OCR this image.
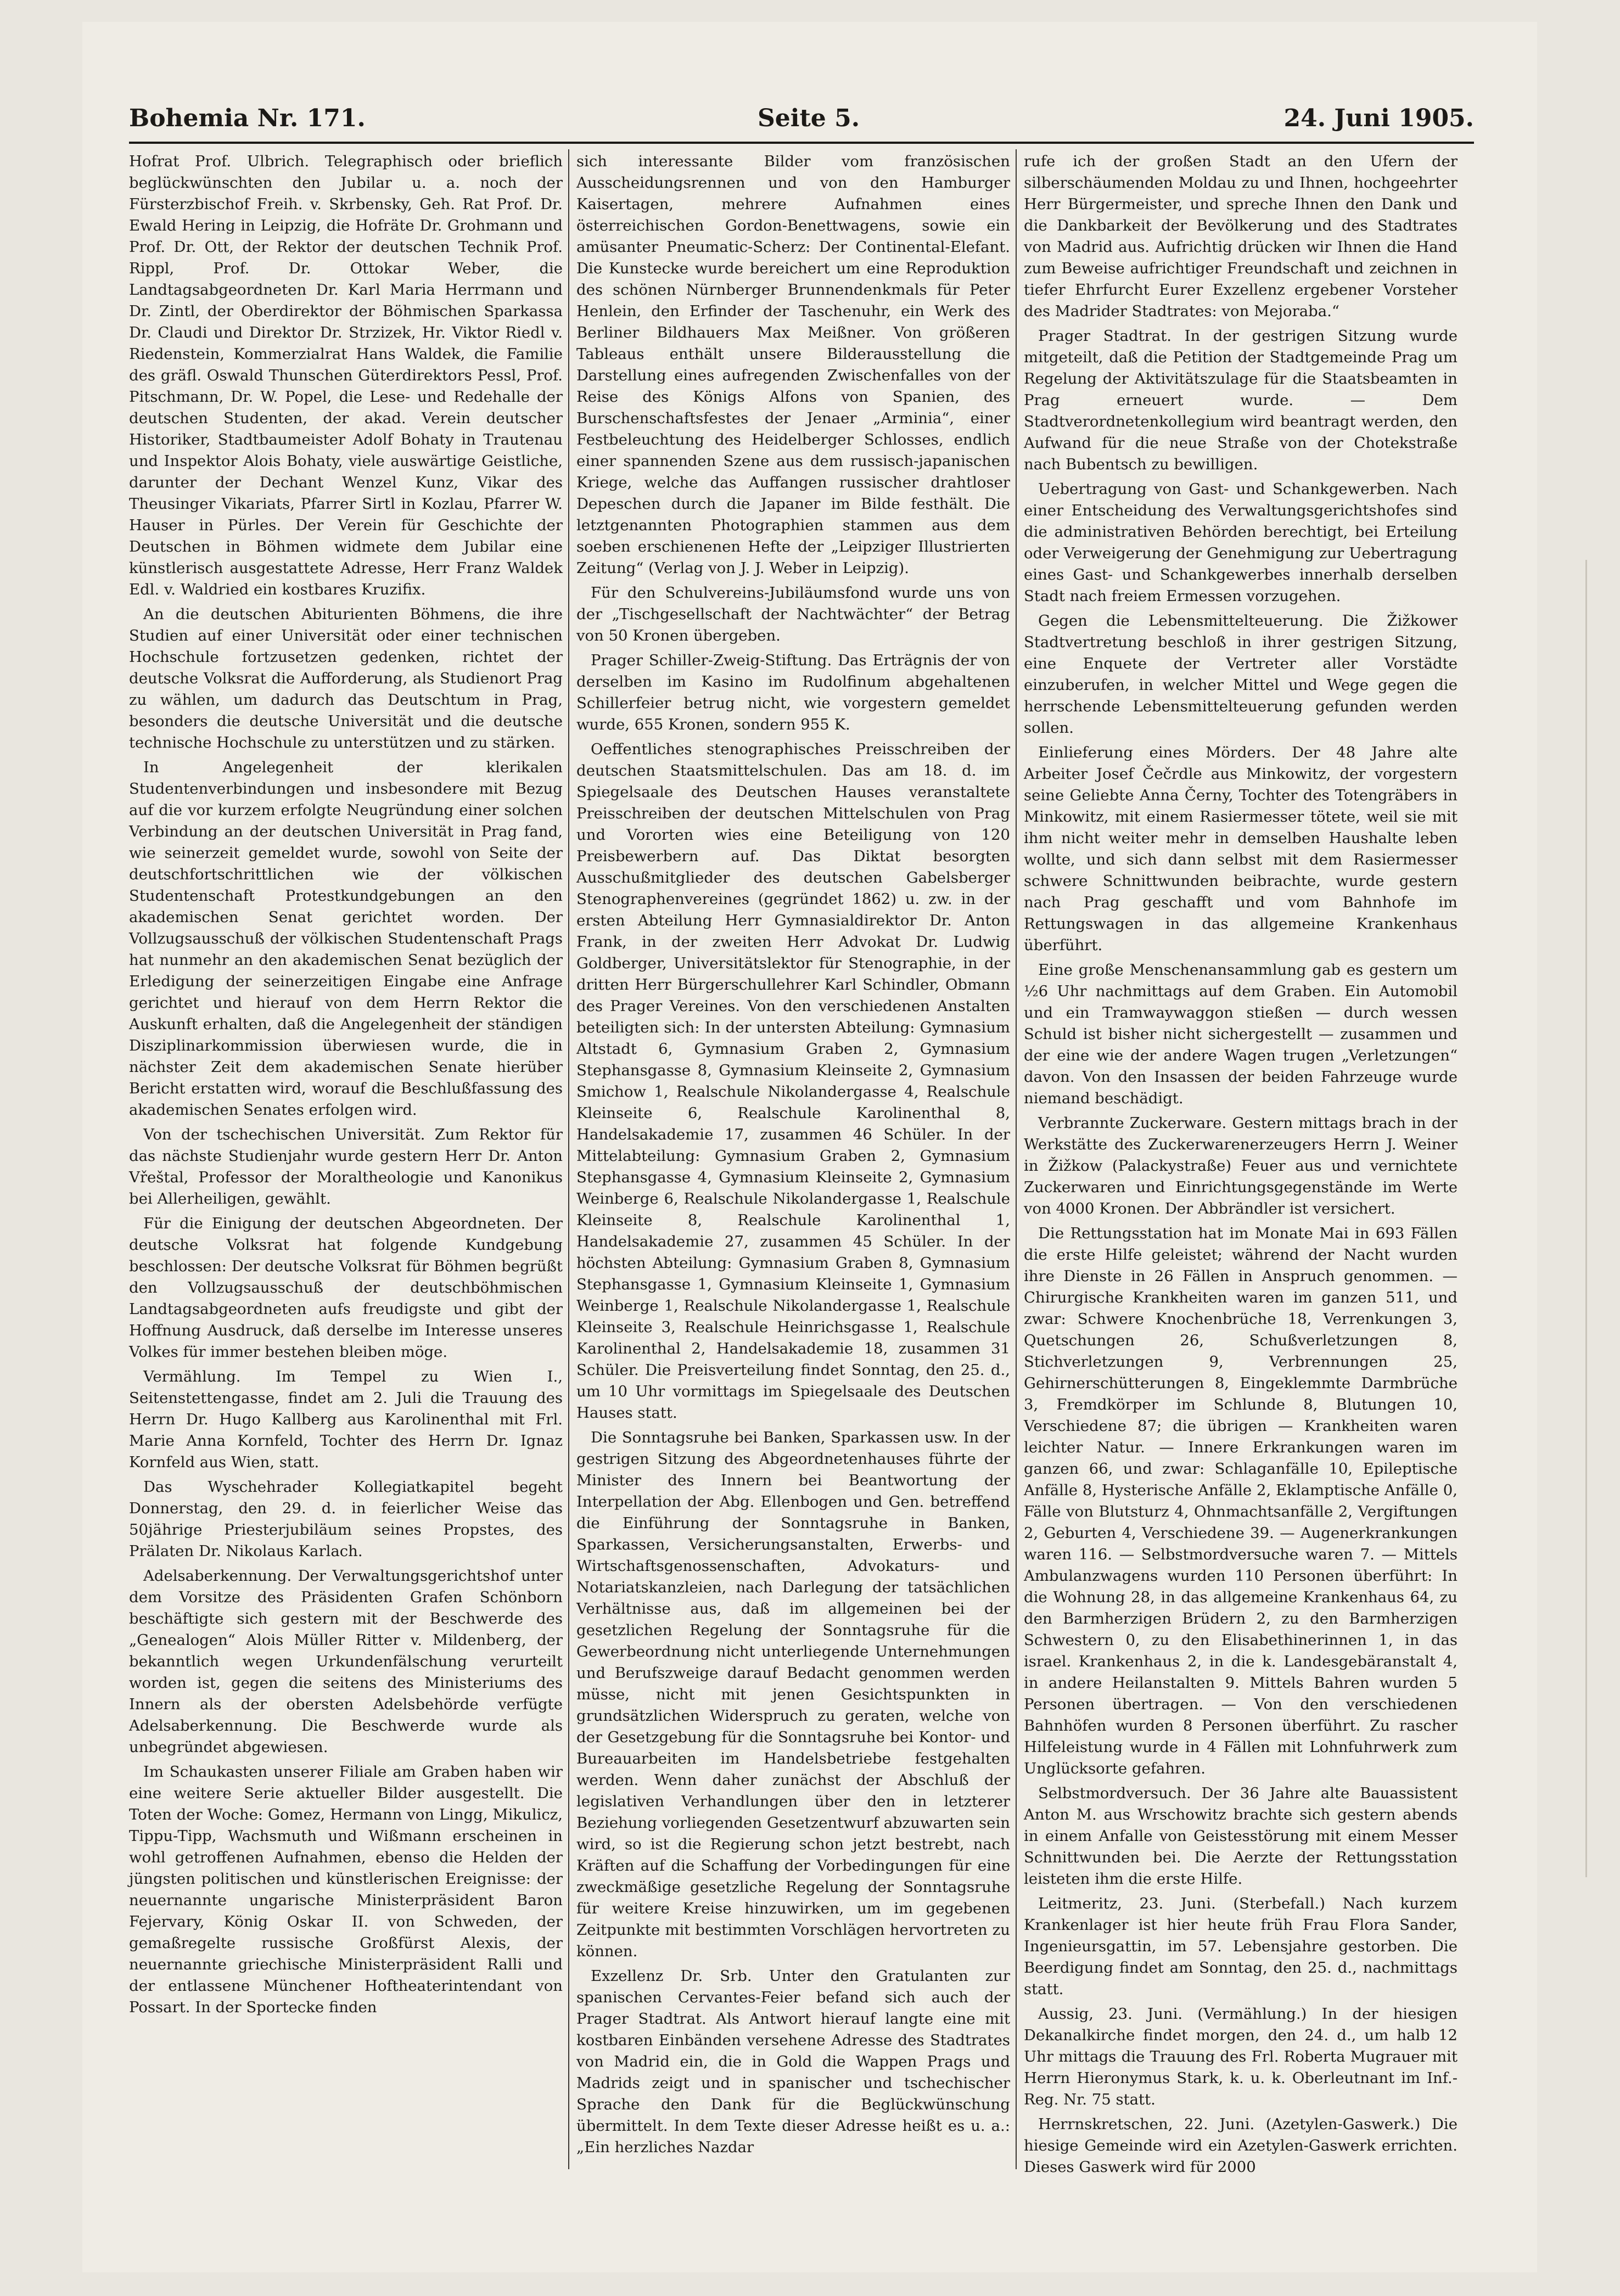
Bohemia Nr. 171.	Seite 5.	24. Juni 1905.

Hofrat Prof. Ulbrich. Telegraphisch oder brieflich beglückwünschten den Jubilar u. a. noch der Fürsterzbischof Freih. v. Skrbensky, Geh. Rat Prof. Dr. Ewald Hering in Leipzig, die Hofräte Dr. Grohmann und Prof. Dr. Ott, der Rektor der deutschen Technik Prof. Rippl, Prof. Dr. Ottokar Weber, die Landtagsabgeordneten Dr. Karl Maria Herrmann und Dr. Zintl, der Oberdirektor der Böhmischen Sparkassa Dr. Claudi und Direktor Dr. Strzizek, Hr. Viktor Riedl v. Riedenstein, Kommerzialrat Hans Waldek, die Familie des gräfl. Oswald Thunschen Güterdirektors Pessl, Prof. Pitschmann, Dr. W. Popel, die Lese- und Redehalle der deutschen Studenten, der akad. Verein deutscher Historiker, Stadtbaumeister Adolf Bohaty in Trautenau und Inspektor Alois Bohaty, viele auswärtige Geistliche, darunter der Dechant Wenzel Kunz, Vikar des Theusinger Vikariats, Pfarrer Sirtl in Kozlau, Pfarrer W. Hauser in Pürles. Der Verein für Geschichte der Deutschen in Böhmen widmete dem Jubilar eine künstlerisch ausgestattete Adresse, Herr Franz Waldek Edl. v. Waldried ein kostbares Kruzifix.

An die deutschen Abiturienten Böhmens, die ihre Studien auf einer Universität oder einer technischen Hochschule fortzusetzen gedenken, richtet der deutsche Volksrat die Aufforderung, als Studienort Prag zu wählen, um dadurch das Deutschtum in Prag, besonders die deutsche Universität und die deutsche technische Hochschule zu unterstützen und zu stärken.

In Angelegenheit der klerikalen Studentenverbindungen und insbesondere mit Bezug auf die vor kurzem erfolgte Neugründung einer solchen Verbindung an der deutschen Universität in Prag fand, wie seinerzeit gemeldet wurde, sowohl von Seite der deutschfortschrittlichen wie der völkischen Studentenschaft Protestkundgebungen an den akademischen Senat gerichtet worden. Der Vollzugsausschuß der völkischen Studentenschaft Prags hat nunmehr an den akademischen Senat bezüglich der Erledigung der seinerzeitigen Eingabe eine Anfrage gerichtet und hierauf von dem Herrn Rektor die Auskunft erhalten, daß die Angelegenheit der ständigen Disziplinarkommission überwiesen wurde, die in nächster Zeit dem akademischen Senate hierüber Bericht erstatten wird, worauf die Beschlußfassung des akademischen Senates erfolgen wird.

Von der tschechischen Universität. Zum Rektor für das nächste Studienjahr wurde gestern Herr Dr. Anton Vřeštal, Professor der Moraltheologie und Kanonikus bei Allerheiligen, gewählt.

Für die Einigung der deutschen Abgeordneten. Der deutsche Volksrat hat folgende Kundgebung beschlossen: Der deutsche Volksrat für Böhmen begrüßt den Vollzugsausschuß der deutschböhmischen Landtagsabgeordneten aufs freudigste und gibt der Hoffnung Ausdruck, daß derselbe im Interesse unseres Volkes für immer bestehen bleiben möge.

Vermählung. Im Tempel zu Wien I., Seitenstettengasse, findet am 2. Juli die Trauung des Herrn Dr. Hugo Kallberg aus Karolinenthal mit Frl. Marie Anna Kornfeld, Tochter des Herrn Dr. Ignaz Kornfeld aus Wien, statt.

Das Wyschehrader Kollegiatkapitel begeht Donnerstag, den 29. d. in feierlicher Weise das 50jährige Priesterjubiläum seines Propstes, des Prälaten Dr. Nikolaus Karlach.

Adelsaberkennung. Der Verwaltungsgerichtshof unter dem Vorsitze des Präsidenten Grafen Schönborn beschäftigte sich gestern mit der Beschwerde des „Genealogen“ Alois Müller Ritter v. Mildenberg, der bekanntlich wegen Urkundenfälschung verurteilt worden ist, gegen die seitens des Ministeriums des Innern als der obersten Adelsbehörde verfügte Adelsaberkennung. Die Beschwerde wurde als unbegründet abgewiesen.

Im Schaukasten unserer Filiale am Graben haben wir eine weitere Serie aktueller Bilder ausgestellt. Die Toten der Woche: Gomez, Hermann von Lingg, Mikulicz, Tippu-Tipp, Wachsmuth und Wißmann erscheinen in wohl getroffenen Aufnahmen, ebenso die Helden der jüngsten politischen und künstlerischen Ereignisse: der neuernannte ungarische Ministerpräsident Baron Fejervary, König Oskar II. von Schweden, der gemaßregelte russische Großfürst Alexis, der neuernannte griechische Ministerpräsident Ralli und der entlassene Münchener Hoftheaterintendant von Possart. In der Sportecke finden

sich interessante Bilder vom französischen Ausscheidungsrennen und von den Hamburger Kaisertagen, mehrere Aufnahmen eines österreichischen Gordon-Benettwagens, sowie ein amüsanter Pneumatic-Scherz: Der Continental-Elefant. Die Kunstecke wurde bereichert um eine Reproduktion des schönen Nürnberger Brunnendenkmals für Peter Henlein, den Erfinder der Taschenuhr, ein Werk des Berliner Bildhauers Max Meißner. Von größeren Tableaus enthält unsere Bilderausstellung die Darstellung eines aufregenden Zwischenfalles von der Reise des Königs Alfons von Spanien, des Burschenschaftsfestes der Jenaer „Arminia“, einer Festbeleuchtung des Heidelberger Schlosses, endlich einer spannenden Szene aus dem russisch-japanischen Kriege, welche das Auffangen russischer drahtloser Depeschen durch die Japaner im Bilde festhält. Die letztgenannten Photographien stammen aus dem soeben erschienenen Hefte der „Leipziger Illustrierten Zeitung“ (Verlag von J. J. Weber in Leipzig).

Für den Schulvereins-Jubiläumsfond wurde uns von der „Tischgesellschaft der Nachtwächter“ der Betrag von 50 Kronen übergeben.

Prager Schiller-Zweig-Stiftung. Das Erträgnis der von derselben im Kasino im Rudolfinum abgehaltenen Schillerfeier betrug nicht, wie vorgestern gemeldet wurde, 655 Kronen, sondern 955 K.

Oeffentliches stenographisches Preisschreiben der deutschen Staatsmittelschulen. Das am 18. d. im Spiegelsaale des Deutschen Hauses veranstaltete Preisschreiben der deutschen Mittelschulen von Prag und Vororten wies eine Beteiligung von 120 Preisbewerbern auf. Das Diktat besorgten Ausschußmitglieder des deutschen Gabelsberger Stenographenvereines (gegründet 1862) u. zw. in der ersten Abteilung Herr Gymnasialdirektor Dr. Anton Frank, in der zweiten Herr Advokat Dr. Ludwig Goldberger, Universitätslektor für Stenographie, in der dritten Herr Bürgerschullehrer Karl Schindler, Obmann des Prager Vereines. Von den verschiedenen Anstalten beteiligten sich: In der untersten Abteilung: Gymnasium Altstadt 6, Gymnasium Graben 2, Gymnasium Stephansgasse 8, Gymnasium Kleinseite 2, Gymnasium Smichow 1, Realschule Nikolandergasse 4, Realschule Kleinseite 6, Realschule Karolinenthal 8, Handelsakademie 17, zusammen 46 Schüler. In der Mittelabteilung: Gymnasium Graben 2, Gymnasium Stephansgasse 4, Gymnasium Kleinseite 2, Gymnasium Weinberge 6, Realschule Nikolandergasse 1, Realschule Kleinseite 8, Realschule Karolinenthal 1, Handelsakademie 27, zusammen 45 Schüler. In der höchsten Abteilung: Gymnasium Graben 8, Gymnasium Stephansgasse 1, Gymnasium Kleinseite 1, Gymnasium Weinberge 1, Realschule Nikolandergasse 1, Realschule Kleinseite 3, Realschule Heinrichsgasse 1, Realschule Karolinenthal 2, Handelsakademie 18, zusammen 31 Schüler. Die Preisverteilung findet Sonntag, den 25. d., um 10 Uhr vormittags im Spiegelsaale des Deutschen Hauses statt.

Die Sonntagsruhe bei Banken, Sparkassen usw. In der gestrigen Sitzung des Abgeordnetenhauses führte der Minister des Innern bei Beantwortung der Interpellation der Abg. Ellenbogen und Gen. betreffend die Einführung der Sonntagsruhe in Banken, Sparkassen, Versicherungsanstalten, Erwerbs- und Wirtschaftsgenossenschaften, Advokaturs- und Notariatskanzleien, nach Darlegung der tatsächlichen Verhältnisse aus, daß im allgemeinen bei der gesetzlichen Regelung der Sonntagsruhe für die Gewerbeordnung nicht unterliegende Unternehmungen und Berufszweige darauf Bedacht genommen werden müsse, nicht mit jenen Gesichtspunkten in grundsätzlichen Widerspruch zu geraten, welche von der Gesetzgebung für die Sonntagsruhe bei Kontor- und Bureauarbeiten im Handelsbetriebe festgehalten werden. Wenn daher zunächst der Abschluß der legislativen Verhandlungen über den in letzterer Beziehung vorliegenden Gesetzentwurf abzuwarten sein wird, so ist die Regierung schon jetzt bestrebt, nach Kräften auf die Schaffung der Vorbedingungen für eine zweckmäßige gesetzliche Regelung der Sonntagsruhe für weitere Kreise hinzuwirken, um im gegebenen Zeitpunkte mit bestimmten Vorschlägen hervortreten zu können.

Exzellenz Dr. Srb. Unter den Gratulanten zur spanischen Cervantes-Feier befand sich auch der Prager Stadtrat. Als Antwort hierauf langte eine mit kostbaren Einbänden versehene Adresse des Stadtrates von Madrid ein, die in Gold die Wappen Prags und Madrids zeigt und in spanischer und tschechischer Sprache den Dank für die Beglückwünschung übermittelt. In dem Texte dieser Adresse heißt es u. a.: „Ein herzliches Nazdar

rufe ich der großen Stadt an den Ufern der silberschäumenden Moldau zu und Ihnen, hochgeehrter Herr Bürgermeister, und spreche Ihnen den Dank und die Dankbarkeit der Bevölkerung und des Stadtrates von Madrid aus. Aufrichtig drücken wir Ihnen die Hand zum Beweise aufrichtiger Freundschaft und zeichnen in tiefer Ehrfurcht Eurer Exzellenz ergebener Vorsteher des Madrider Stadtrates: von Mejoraba.“

Prager Stadtrat. In der gestrigen Sitzung wurde mitgeteilt, daß die Petition der Stadtgemeinde Prag um Regelung der Aktivitätszulage für die Staatsbeamten in Prag erneuert wurde. — Dem Stadtverordnetenkollegium wird beantragt werden, den Aufwand für die neue Straße von der Chotekstraße nach Bubentsch zu bewilligen.

Uebertragung von Gast- und Schankgewerben. Nach einer Entscheidung des Verwaltungsgerichtshofes sind die administrativen Behörden berechtigt, bei Erteilung oder Verweigerung der Genehmigung zur Uebertragung eines Gast- und Schankgewerbes innerhalb derselben Stadt nach freiem Ermessen vorzugehen.

Gegen die Lebensmittelteuerung. Die Žižkower Stadtvertretung beschloß in ihrer gestrigen Sitzung, eine Enquete der Vertreter aller Vorstädte einzuberufen, in welcher Mittel und Wege gegen die herrschende Lebensmittelteuerung gefunden werden sollen.

Einlieferung eines Mörders. Der 48 Jahre alte Arbeiter Josef Čečrdle aus Minkowitz, der vorgestern seine Geliebte Anna Černy, Tochter des Totengräbers in Minkowitz, mit einem Rasiermesser tötete, weil sie mit ihm nicht weiter mehr in demselben Haushalte leben wollte, und sich dann selbst mit dem Rasiermesser schwere Schnittwunden beibrachte, wurde gestern nach Prag geschafft und vom Bahnhofe im Rettungswagen in das allgemeine Krankenhaus überführt.

Eine große Menschenansammlung gab es gestern um ½6 Uhr nachmittags auf dem Graben. Ein Automobil und ein Tramwaywaggon stießen — durch wessen Schuld ist bisher nicht sichergestellt — zusammen und der eine wie der andere Wagen trugen „Verletzungen“ davon. Von den Insassen der beiden Fahrzeuge wurde niemand beschädigt.

Verbrannte Zuckerware. Gestern mittags brach in der Werkstätte des Zuckerwarenerzeugers Herrn J. Weiner in Žižkow (Palackystraße) Feuer aus und vernichtete Zuckerwaren und Einrichtungsgegenstände im Werte von 4000 Kronen. Der Abbrändler ist versichert.

Die Rettungsstation hat im Monate Mai in 693 Fällen die erste Hilfe geleistet; während der Nacht wurden ihre Dienste in 26 Fällen in Anspruch genommen. — Chirurgische Krankheiten waren im ganzen 511, und zwar: Schwere Knochenbrüche 18, Verrenkungen 3, Quetschungen 26, Schußverletzungen 8, Stichverletzungen 9, Verbrennungen 25, Gehirnerschütterungen 8, Eingeklemmte Darmbrüche 3, Fremdkörper im Schlunde 8, Blutungen 10, Verschiedene 87; die übrigen — Krankheiten waren leichter Natur. — Innere Erkrankungen waren im ganzen 66, und zwar: Schlaganfälle 10, Epileptische Anfälle 8, Hysterische Anfälle 2, Eklamptische Anfälle 0, Fälle von Blutsturz 4, Ohnmachtsanfälle 2, Vergiftungen 2, Geburten 4, Verschiedene 39. — Augenerkrankungen waren 116. — Selbstmordversuche waren 7. — Mittels Ambulanzwagens wurden 110 Personen überführt: In die Wohnung 28, in das allgemeine Krankenhaus 64, zu den Barmherzigen Brüdern 2, zu den Barmherzigen Schwestern 0, zu den Elisabethinerinnen 1, in das israel. Krankenhaus 2, in die k. Landesgebäranstalt 4, in andere Heilanstalten 9. Mittels Bahren wurden 5 Personen übertragen. — Von den verschiedenen Bahnhöfen wurden 8 Personen überführt. Zu rascher Hilfeleistung wurde in 4 Fällen mit Lohnfuhrwerk zum Unglücksorte gefahren.

Selbstmordversuch. Der 36 Jahre alte Bauassistent Anton M. aus Wrschowitz brachte sich gestern abends in einem Anfalle von Geistesstörung mit einem Messer Schnittwunden bei. Die Aerzte der Rettungsstation leisteten ihm die erste Hilfe.

Leitmeritz, 23. Juni. (Sterbefall.) Nach kurzem Krankenlager ist hier heute früh Frau Flora Sander, Ingenieursgattin, im 57. Lebensjahre gestorben. Die Beerdigung findet am Sonntag, den 25. d., nachmittags statt.

Aussig, 23. Juni. (Vermählung.) In der hiesigen Dekanalkirche findet morgen, den 24. d., um halb 12 Uhr mittags die Trauung des Frl. Roberta Mugrauer mit Herrn Hieronymus Stark, k. u. k. Oberleutnant im Inf.-Reg. Nr. 75 statt.

Herrnskretschen, 22. Juni. (Azetylen-Gaswerk.) Die hiesige Gemeinde wird ein Azetylen-Gaswerk errichten. Dieses Gaswerk wird für 2000
